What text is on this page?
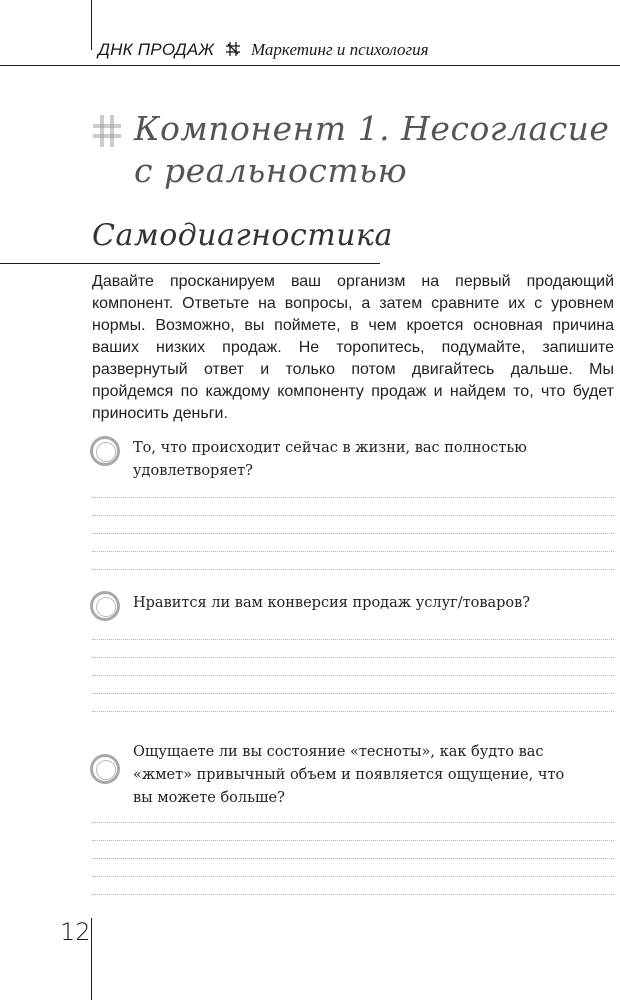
ДНК ПРОДАЖ Маркетинг и психология
Компонент 1. Несогласие
с реальностью
Самодиагностика

Давайте просканируем ваш организм на первый продающий компонент. Ответьте на вопросы, а затем сравните их с уровнем нормы. Возможно, вы поймете, в чем кроется основная причина ваших низких продаж. Не торопитесь, подумайте, запишите развернутый ответ и только потом двигайтесь дальше. Мы пройдемся по каждому компоненту продаж и найдем то, что будет приносить деньги.

То, что происходит сейчас в жизни, вас полностью удовлетворяет?
Нравится ли вам конверсия продаж услуг/товаров?
Ощущаете ли вы состояние «тесноты», как будто вас «жмет» привычный объем и появляется ощущение, что вы можете больше?
12
